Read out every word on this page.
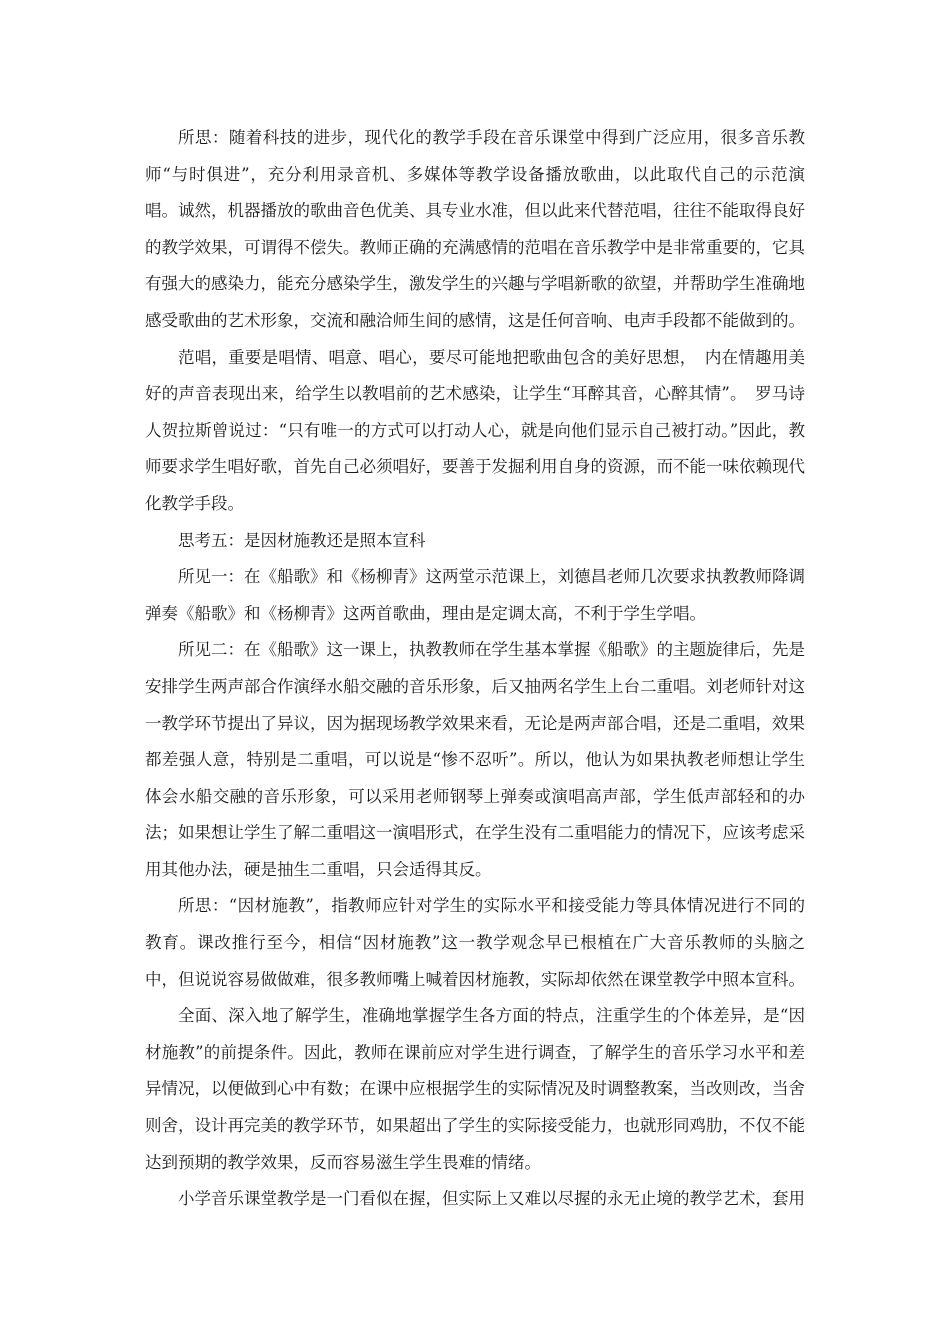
所思：随着科技的进步，现代化的教学手段在音乐课堂中得到广泛应用，很多音乐教师“与时俱进”，充分利用录音机、多媒体等教学设备播放歌曲，以此取代自己的示范演唱。诚然，机器播放的歌曲音色优美、具专业水准，但以此来代替范唱，往往不能取得良好的教学效果，可谓得不偿失。教师正确的充满感情的范唱在音乐教学中是非常重要的，它具有强大的感染力，能充分感染学生，激发学生的兴趣与学唱新歌的欲望，并帮助学生准确地感受歌曲的艺术形象，交流和融洽师生间的感情，这是任何音响、电声手段都不能做到的。

范唱，重要是唱情、唱意、唱心，要尽可能地把歌曲包含的美好思想，　内在情趣用美好的声音表现出来，给学生以教唱前的艺术感染，让学生“耳醉其音，心醉其情”。　罗马诗人贺拉斯曾说过：“只有唯一的方式可以打动人心，就是向他们显示自己被打动。”因此，教师要求学生唱好歌，首先自己必须唱好，要善于发掘利用自身的资源，而不能一味依赖现代化教学手段。

思考五：是因材施教还是照本宣科

所见一：在《船歌》和《杨柳青》这两堂示范课上，刘德昌老师几次要求执教教师降调弹奏《船歌》和《杨柳青》这两首歌曲，理由是定调太高，不利于学生学唱。

所见二：在《船歌》这一课上，执教教师在学生基本掌握《船歌》的主题旋律后，先是安排学生两声部合作演绎水船交融的音乐形象，后又抽两名学生上台二重唱。刘老师针对这一教学环节提出了异议，因为据现场教学效果来看，无论是两声部合唱，还是二重唱，效果都差强人意，特别是二重唱，可以说是“惨不忍听”。所以，他认为如果执教老师想让学生体会水船交融的音乐形象，可以采用老师钢琴上弹奏或演唱高声部，学生低声部轻和的办法；如果想让学生了解二重唱这一演唱形式，在学生没有二重唱能力的情况下，应该考虑采用其他办法，硬是抽生二重唱，只会适得其反。

所思：“因材施教”，指教师应针对学生的实际水平和接受能力等具体情况进行不同的教育。课改推行至今，相信“因材施教”这一教学观念早已根植在广大音乐教师的头脑之中，但说说容易做做难，很多教师嘴上喊着因材施教，实际却依然在课堂教学中照本宣科。

全面、深入地了解学生，准确地掌握学生各方面的特点，注重学生的个体差异，是“因材施教”的前提条件。因此，教师在课前应对学生进行调查，了解学生的音乐学习水平和差异情况，以便做到心中有数；在课中应根据学生的实际情况及时调整教案，当改则改，当舍则舍，设计再完美的教学环节，如果超出了学生的实际接受能力，也就形同鸡肋，不仅不能达到预期的教学效果，反而容易滋生学生畏难的情绪。

小学音乐课堂教学是一门看似在握，但实际上又难以尽握的永无止境的教学艺术，套用
